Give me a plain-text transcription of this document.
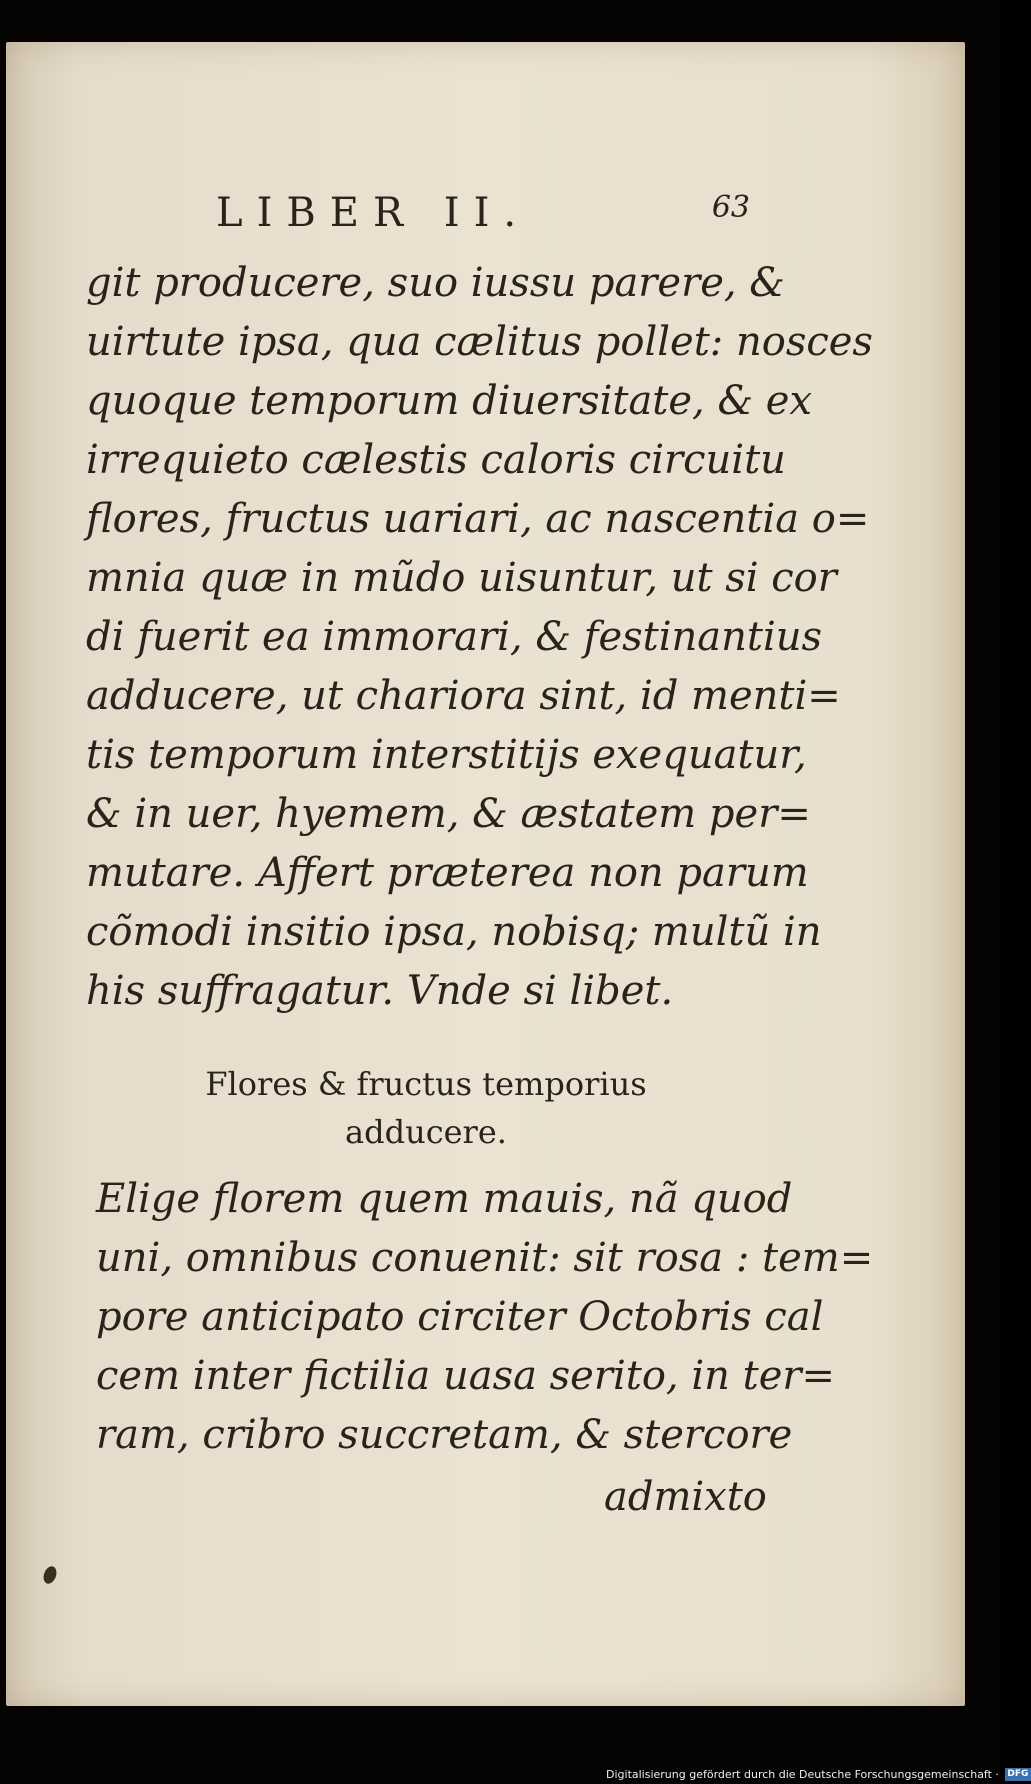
LIBER II.	63
git producere, suo iussu parere, &
uirtute ipsa, qua cælitus pollet: nosces
quoque temporum diuersitate, & ex
irrequieto cælestis caloris circuitu
flores, fructus uariari, ac nascentia o=
mnia quæ in mũdo uisuntur, ut si cor
di fuerit ea immorari, & festinantius
adducere, ut chariora sint, id menti=
tis temporum interstitijs exequatur,
& in uer, hyemem, & æstatem per=
mutare. Affert præterea non parum
cõmodi insitio ipsa, nobisq; multũ in
his suffragatur. Vnde si libet.
Flores & fructus temporius
adducere.
Elige florem quem mauis, nã quod
uni, omnibus conuenit: sit rosa : tem=
pore anticipato circiter Octobris cal
cem inter fictilia uasa serito, in ter=
ram, cribro succretam, & stercore
admixto
Digitalisierung gefördert durch die Deutsche Forschungsgemeinschaft · DFG
